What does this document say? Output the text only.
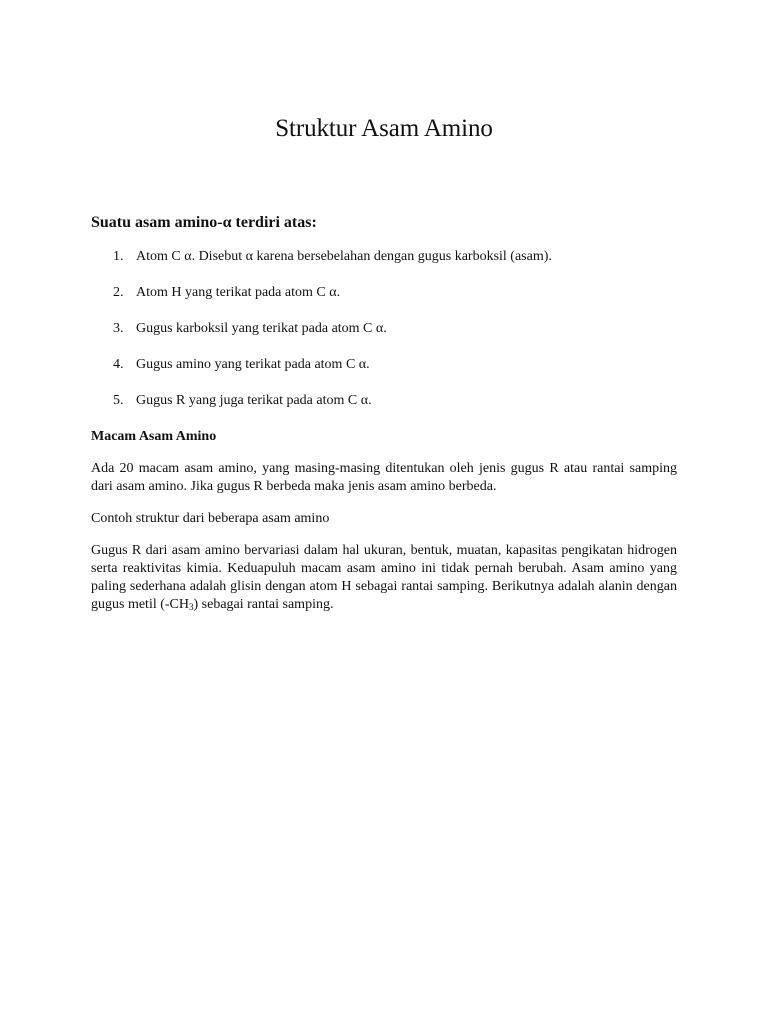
Struktur Asam Amino
Suatu asam amino-α terdiri atas:
1. Atom C α. Disebut α karena bersebelahan dengan gugus karboksil (asam).
2. Atom H yang terikat pada atom C α.
3. Gugus karboksil yang terikat pada atom C α.
4. Gugus amino yang terikat pada atom C α.
5. Gugus R yang juga terikat pada atom C α.
Macam Asam Amino

Ada 20 macam asam amino, yang masing-masing ditentukan oleh jenis gugus R atau rantai samping dari asam amino. Jika gugus R berbeda maka jenis asam amino berbeda.

Contoh struktur dari beberapa asam amino

Gugus R dari asam amino bervariasi dalam hal ukuran, bentuk, muatan, kapasitas pengikatan hidrogen serta reaktivitas kimia. Keduapuluh macam asam amino ini tidak pernah berubah. Asam amino yang paling sederhana adalah glisin dengan atom H sebagai rantai samping. Berikutnya adalah alanin dengan gugus metil $(-CH_3)$ sebagai rantai samping.
